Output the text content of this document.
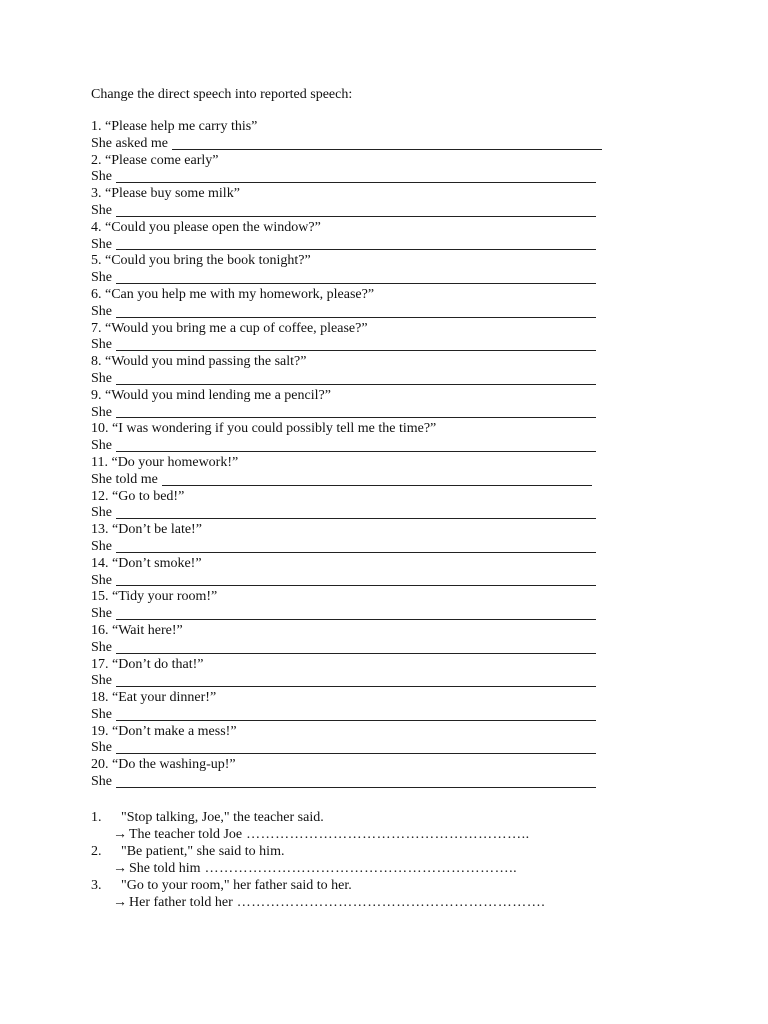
Change the direct speech into reported speech:
1. “Please help me carry this”
She asked me
2. “Please come early”
She
3. “Please buy some milk”
She
4. “Could you please open the window?”
She
5. “Could you bring the book tonight?”
She
6. “Can you help me with my homework, please?”
She
7. “Would you bring me a cup of coffee, please?”
She
8. “Would you mind passing the salt?”
She
9. “Would you mind lending me a pencil?”
She
10. “I was wondering if you could possibly tell me the time?”
She
11. “Do your homework!”
She told me
12. “Go to bed!”
She
13. “Don’t be late!”
She
14. “Don’t smoke!”
She
15. “Tidy your room!”
She
16. “Wait here!”
She
17. “Don’t do that!”
She
18. “Eat your dinner!”
She
19. “Don’t make a mess!”
She
20. “Do the washing-up!”
She
1.	"Stop talking, Joe," the teacher said.
→ The teacher told Joe …………………………………………………..
2.	"Be patient," she said to him.
→ She told him ………………………………………………………..
3.	"Go to your room," her father said to her.
→ Her father told her ……………………………………………………….
